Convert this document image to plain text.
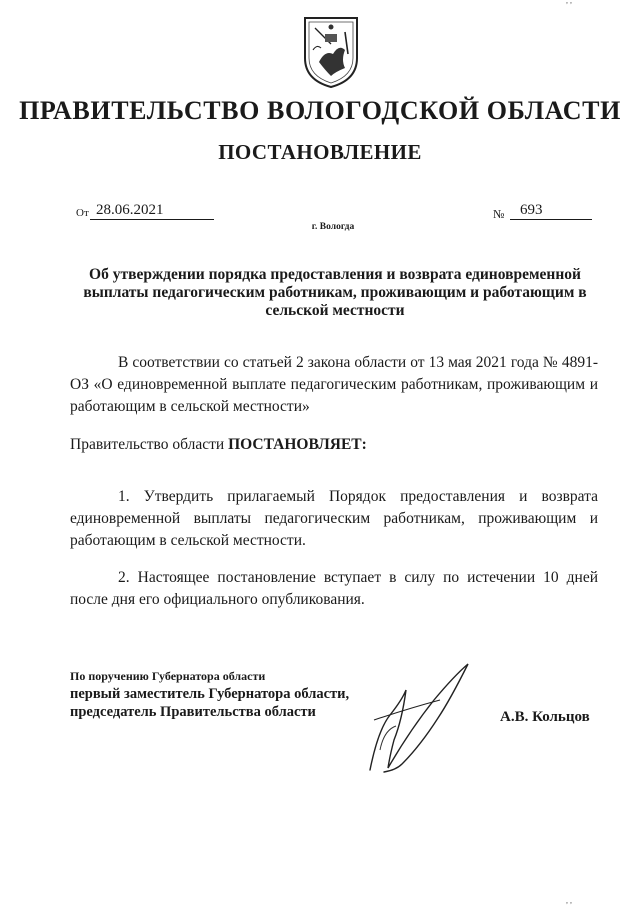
, ,
ПРАВИТЕЛЬСТВО ВОЛОГОДСКОЙ ОБЛАСТИ
ПОСТАНОВЛЕНИЕ
От 28.06.2021	№	693
г. Вологда
Об утверждении порядка предоставления и возврата единовременной выплаты педагогическим работникам, проживающим и работающим в сельской местности
В соответствии со статьей 2 закона области от 13 мая 2021 года № 4891-ОЗ «О единовременной выплате педагогическим работникам, проживающим и работающим в сельской местности»
Правительство области ПОСТАНОВЛЯЕТ:
1. Утвердить прилагаемый Порядок предоставления и возврата единовременной выплаты педагогическим работникам, проживающим и работающим в сельской местности.
2. Настоящее постановление вступает в силу по истечении 10 дней после дня его официального опубликования.
По поручению Губернатора области
первый заместитель Губернатора области,
председатель Правительства области	А.В. Кольцов
, ,
